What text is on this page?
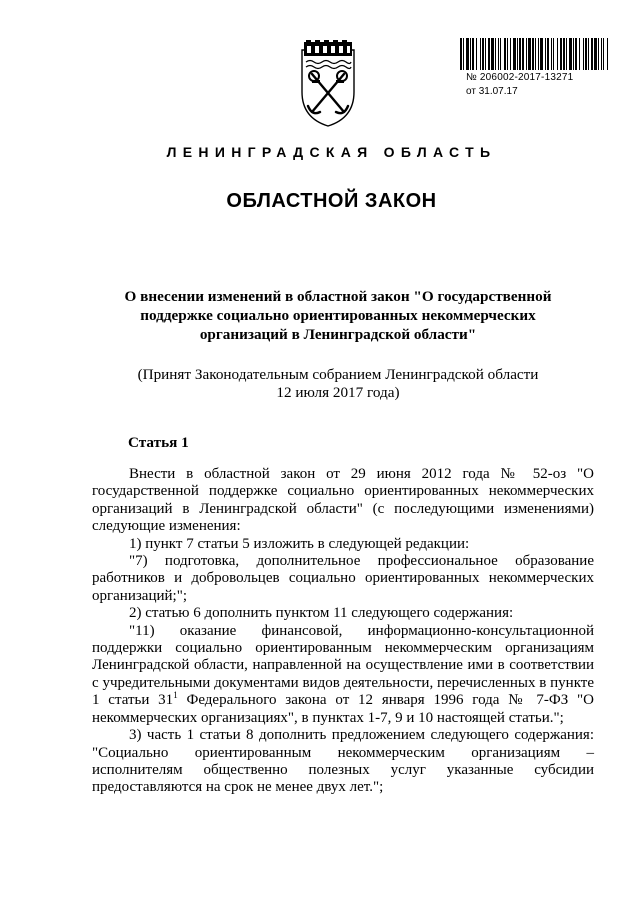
№ 206002-2017-13271
от 31.07.17
ЛЕНИНГРАДСКАЯ ОБЛАСТЬ
ОБЛАСТНОЙ ЗАКОН
О внесении изменений в областной закон "О государственной поддержке социально ориентированных некоммерческих организаций в Ленинградской области"
(Принят Законодательным собранием Ленинградской области
12 июля 2017 года)
Статья 1

Внести в областной закон от 29 июня 2012 года № 52-оз "О государственной поддержке социально ориентированных некоммерческих организаций в Ленинградской области" (с последующими изменениями) следующие изменения:

1) пункт 7 статьи 5 изложить в следующей редакции:

"7) подготовка, дополнительное профессиональное образование работников и добровольцев социально ориентированных некоммерческих организаций;";

2) статью 6 дополнить пунктом 11 следующего содержания:

"11) оказание финансовой, информационно-консультационной поддержки социально ориентированным некоммерческим организациям Ленинградской области, направленной на осуществление ими в соответствии с учредительными документами видов деятельности, перечисленных в пункте 1 статьи $31^1$ Федерального закона от 12 января 1996 года № 7-ФЗ "О некоммерческих организациях", в пунктах 1-7, 9 и 10 настоящей статьи.";

3) часть 1 статьи 8 дополнить предложением следующего содержания: "Социально ориентированным некоммерческим организациям – исполнителям общественно полезных услуг указанные субсидии предоставляются на срок не менее двух лет.";
